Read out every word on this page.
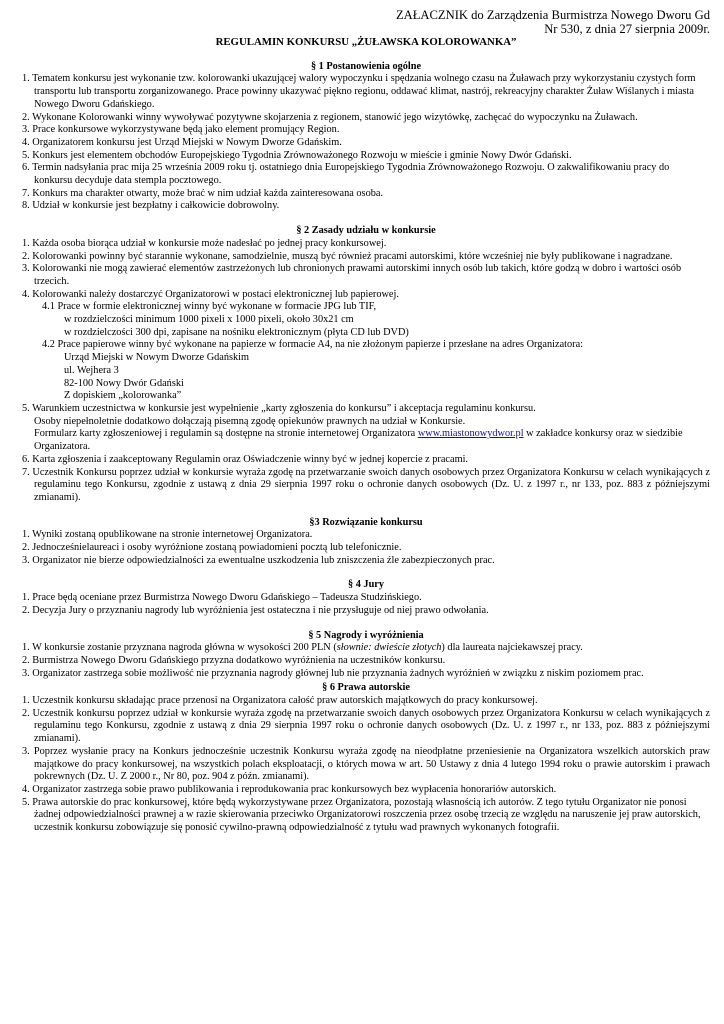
ZAŁACZNIK do Zarządzenia Burmistrza Nowego Dworu Gd
Nr 530, z dnia 27 sierpnia 2009r.
REGULAMIN KONKURSU „ŻUŁAWSKA KOLOROWANKA”
§ 1 Postanowienia ogólne

1. Tematem konkursu jest wykonanie tzw. kolorowanki ukazującej walory wypoczynku i spędzania wolnego czasu na Żuławach przy wykorzystaniu czystych form transportu lub transportu zorganizowanego. Prace powinny ukazywać piękno regionu, oddawać klimat, nastrój, rekreacyjny charakter Żuław Wiślanych i miasta Nowego Dworu Gdańskiego.

2. Wykonane Kolorowanki winny wywoływać pozytywne skojarzenia z regionem, stanowić jego wizytówkę, zachęcać do wypoczynku na Żuławach.

3. Prace konkursowe wykorzystywane będą jako element promujący Region.

4. Organizatorem konkursu jest Urząd Miejski w Nowym Dworze Gdańskim.

5. Konkurs jest elementem obchodów Europejskiego Tygodnia Zrównoważonego Rozwoju w mieście i gminie Nowy Dwór Gdański.

6. Termin nadsyłania prac mija 25 września 2009 roku tj. ostatniego dnia Europejskiego Tygodnia Zrównoważonego Rozwoju. O zakwalifikowaniu pracy do konkursu decyduje data stempla pocztowego.

7. Konkurs ma charakter otwarty, może brać w nim udział każda zainteresowana osoba.

8. Udział w konkursie jest bezpłatny i całkowicie dobrowolny.

§ 2 Zasady udziału w konkursie

1. Każda osoba biorąca udział w konkursie może nadesłać po jednej pracy konkursowej.

2. Kolorowanki powinny być starannie wykonane, samodzielnie, muszą być również pracami autorskimi, które wcześniej nie były publikowane i nagradzane.

3. Kolorowanki nie mogą zawierać elementów zastrzeżonych lub chronionych prawami autorskimi innych osób lub takich, które godzą w dobro i wartości osób trzecich.

4. Kolorowanki należy dostarczyć Organizatorowi w postaci elektronicznej lub papierowej.

4.1 Prace w formie elektronicznej winny być wykonane w formacie JPG lub TIF,

w rozdzielczości minimum 1000 pixeli x 1000 pixeli, około 30x21 cm

w rozdzielczości 300 dpi, zapisane na nośniku elektronicznym (płyta CD lub DVD)

4.2 Prace papierowe winny być wykonane na papierze w formacie A4, na nie złożonym papierze i przesłane na adres Organizatora:

Urząd Miejski w Nowym Dworze Gdańskim

ul. Wejhera 3

82-100 Nowy Dwór Gdański

Z dopiskiem „kolorowanka”

5. Warunkiem uczestnictwa w konkursie jest wypełnienie „karty zgłoszenia do konkursu” i akceptacja regulaminu konkursu.

Osoby niepełnoletnie dodatkowo dołączają pisemną zgodę opiekunów prawnych na udział w Konkursie.

Formularz karty zgłoszeniowej i regulamin są dostępne na stronie internetowej Organizatora www.miastonowydwor.pl w zakładce konkursy oraz w siedzibie Organizatora.

6. Karta zgłoszenia i zaakceptowany Regulamin oraz Oświadczenie winny być w jednej kopercie z pracami.

7. Uczestnik Konkursu poprzez udział w konkursie wyraża zgodę na przetwarzanie swoich danych osobowych przez Organizatora Konkursu w celach wynikających z regulaminu tego Konkursu, zgodnie z ustawą z dnia 29 sierpnia 1997 roku o ochronie danych osobowych (Dz. U. z 1997 r., nr 133, poz. 883 z późniejszymi zmianami).

§3 Rozwiązanie konkursu

1. Wyniki zostaną opublikowane na stronie internetowej Organizatora.

2. Jednocześnielaureaci i osoby wyróżnione zostaną powiadomieni pocztą lub telefonicznie.

3. Organizator nie bierze odpowiedzialności za ewentualne uszkodzenia lub zniszczenia źle zabezpieczonych prac.

§ 4 Jury

1. Prace będą oceniane przez Burmistrza Nowego Dworu Gdańskiego – Tadeusza Studzińskiego.

2. Decyzja Jury o przyznaniu nagrody lub wyróżnienia jest ostateczna i nie przysługuje od niej prawo odwołania.

§ 5 Nagrody i wyróżnienia

1. W konkursie zostanie przyznana nagroda główna w wysokości 200 PLN (słownie: dwieście złotych) dla laureata najciekawszej pracy.

2. Burmistrza Nowego Dworu Gdańskiego przyzna dodatkowo wyróżnienia na uczestników konkursu.

3. Organizator zastrzega sobie możliwość nie przyznania nagrody głównej lub nie przyznania żadnych wyróżnień w związku z niskim poziomem prac.

§ 6 Prawa autorskie

1. Uczestnik konkursu składając prace przenosi na Organizatora całość praw autorskich majątkowych do pracy konkursowej.

2. Uczestnik konkursu poprzez udział w konkursie wyraża zgodę na przetwarzanie swoich danych osobowych przez Organizatora Konkursu w celach wynikających z regulaminu tego Konkursu, zgodnie z ustawą z dnia 29 sierpnia 1997 roku o ochronie danych osobowych (Dz. U. z 1997 r., nr 133, poz. 883 z późniejszymi zmianami).

3. Poprzez wysłanie pracy na Konkurs jednocześnie uczestnik Konkursu wyraża zgodę na nieodpłatne przeniesienie na Organizatora wszelkich autorskich praw majątkowe do pracy konkursowej, na wszystkich polach eksploatacji, o których mowa w art. 50 Ustawy z dnia 4 lutego 1994 roku o prawie autorskim i prawach pokrewnych (Dz. U. Z 2000 r., Nr 80, poz. 904 z późn. zmianami).

4. Organizator zastrzega sobie prawo publikowania i reprodukowania prac konkursowych bez wypłacenia honorariów autorskich.

5. Prawa autorskie do prac konkursowej, które będą wykorzystywane przez Organizatora, pozostają własnością ich autorów. Z tego tytułu Organizator nie ponosi żadnej odpowiedzialności prawnej a w razie skierowania przeciwko Organizatorowi roszczenia przez osobę trzecią ze względu na naruszenie jej praw autorskich, uczestnik konkursu zobowiązuje się ponosić cywilno-prawną odpowiedzialność z tytułu wad prawnych wykonanych fotografii.
